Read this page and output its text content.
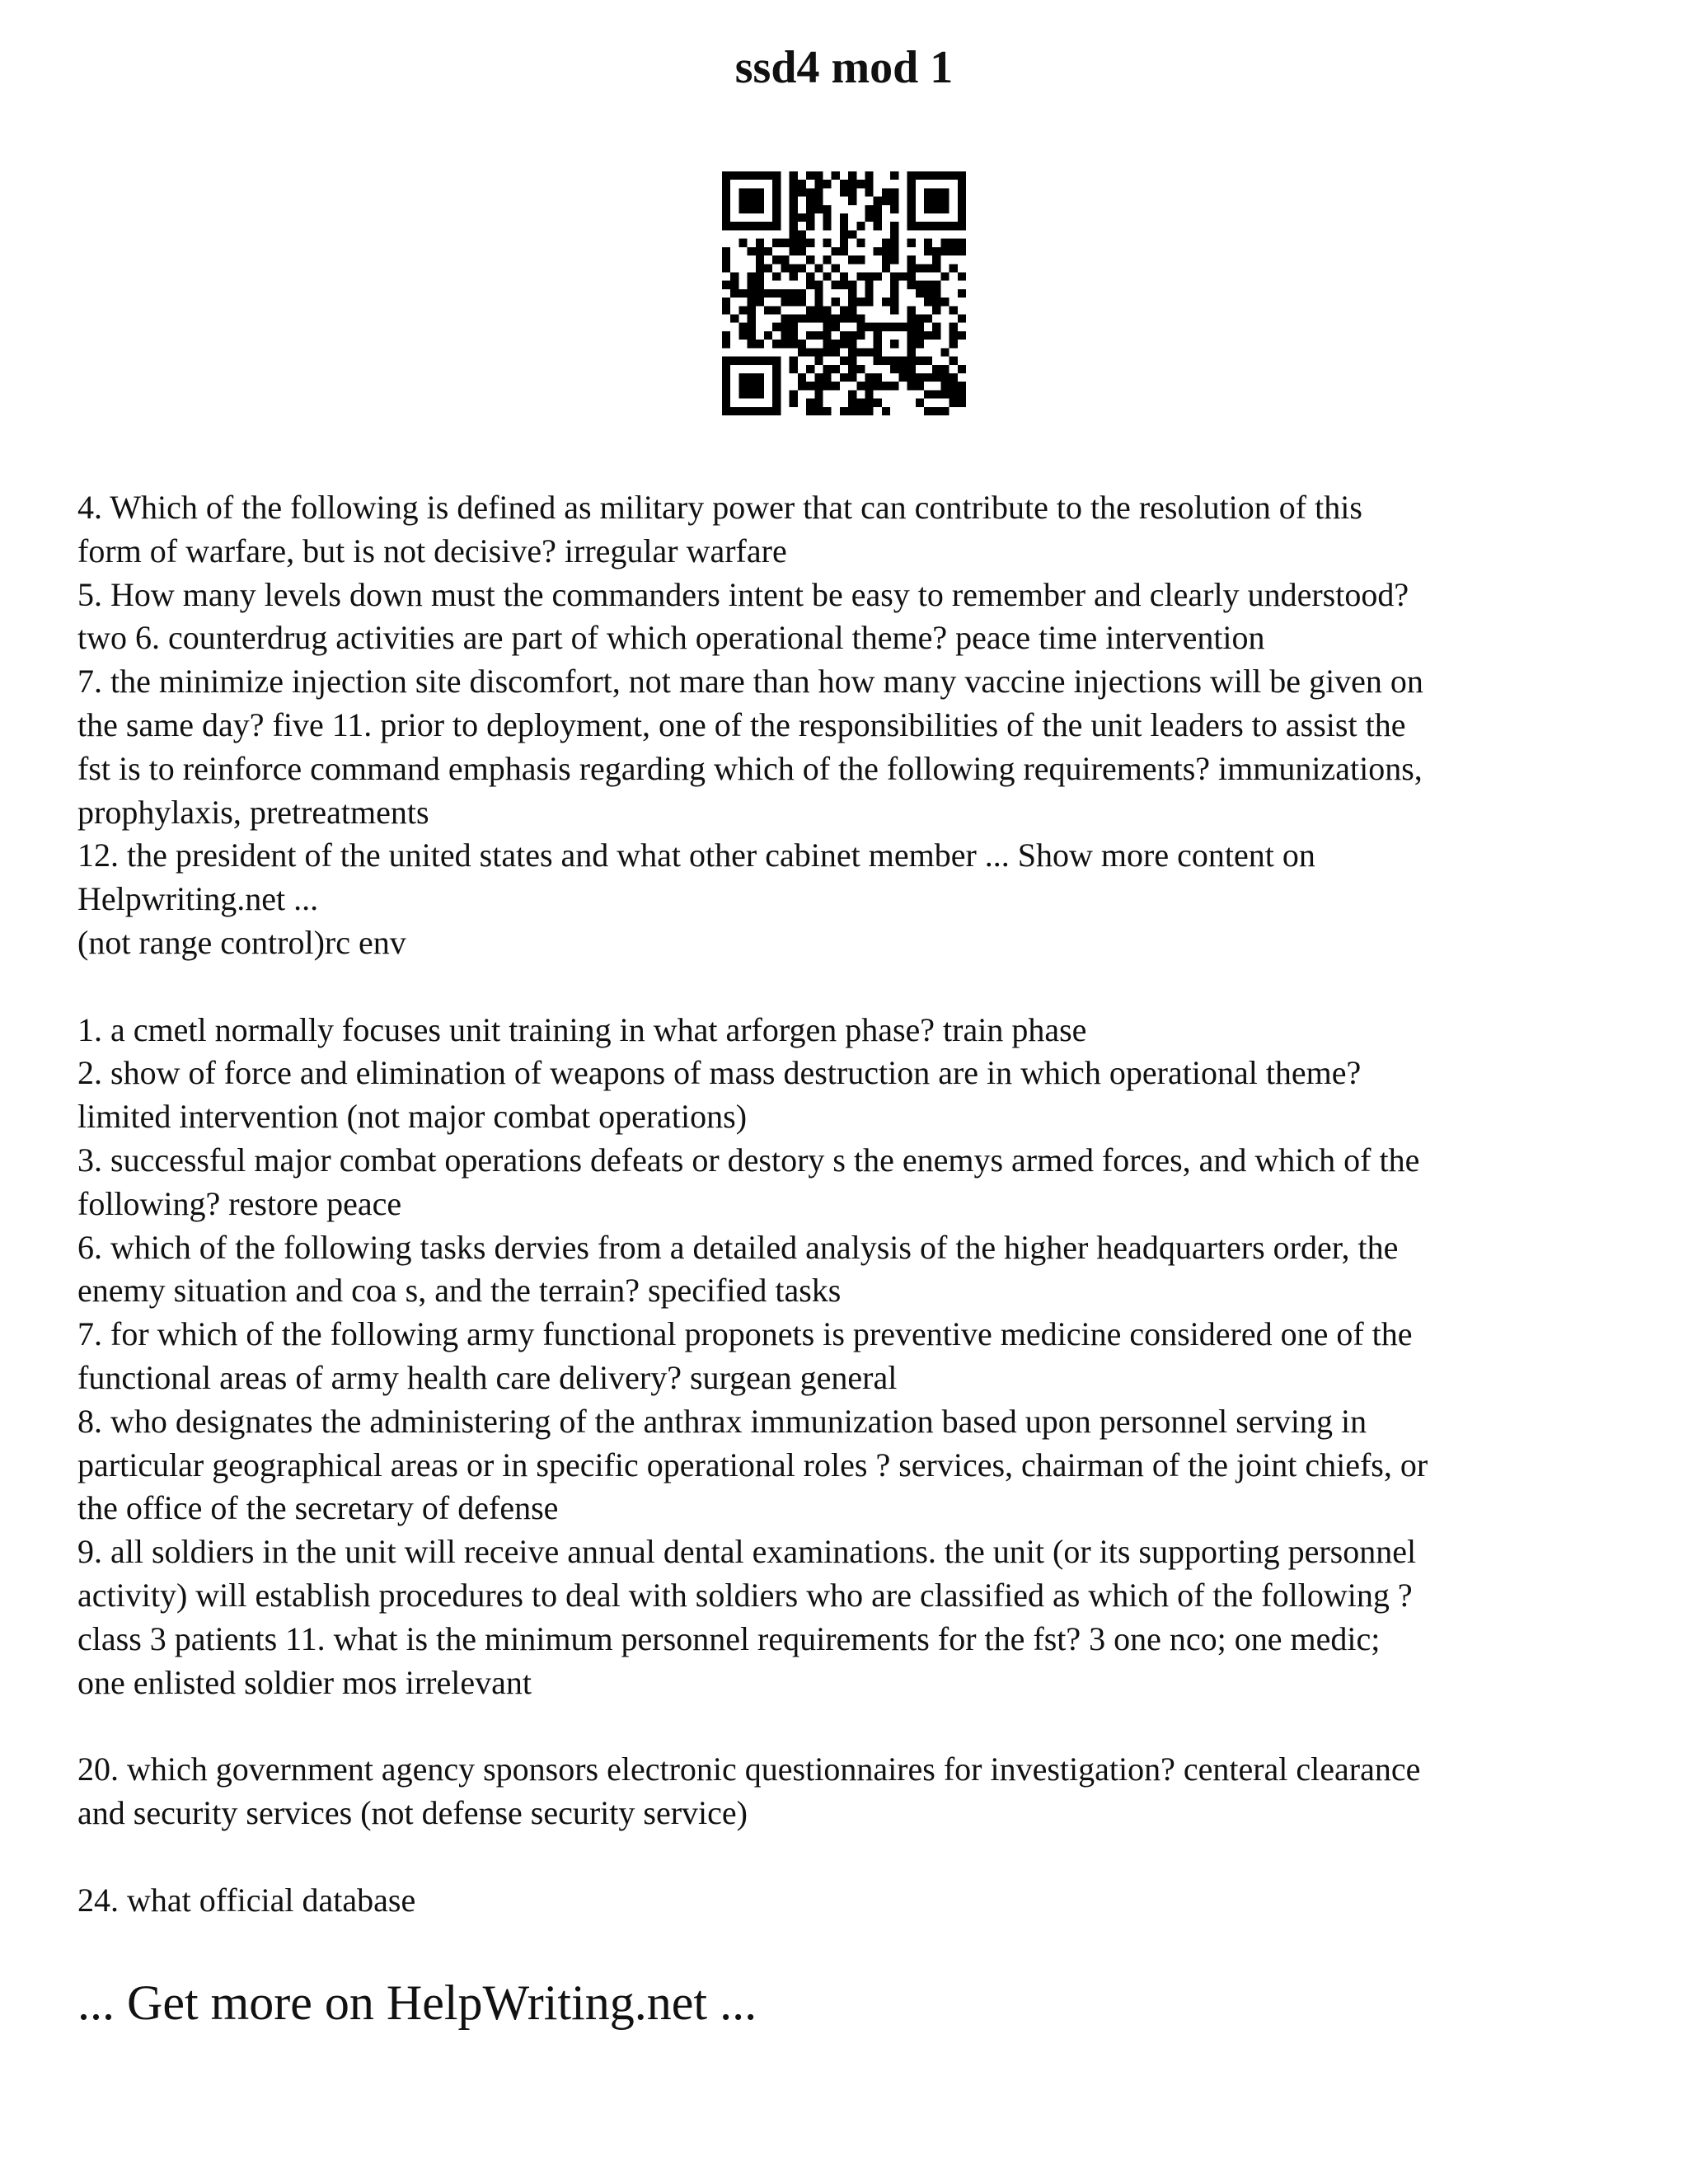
ssd4 mod 1
4. Which of the following is defined as military power that can contribute to the resolution of this
form of warfare, but is not decisive? irregular warfare
5. How many levels down must the commanders intent be easy to remember and clearly understood?
two 6. counterdrug activities are part of which operational theme? peace time intervention
7. the minimize injection site discomfort, not mare than how many vaccine injections will be given on
the same day? five 11. prior to deployment, one of the responsibilities of the unit leaders to assist the
fst is to reinforce command emphasis regarding which of the following requirements? immunizations,
prophylaxis, pretreatments
12. the president of the united states and what other cabinet member ... Show more content on
Helpwriting.net ...
(not range control)rc env
1. a cmetl normally focuses unit training in what arforgen phase? train phase
2. show of force and elimination of weapons of mass destruction are in which operational theme?
limited intervention (not major combat operations)
3. successful major combat operations defeats or destory s the enemys armed forces, and which of the
following? restore peace
6. which of the following tasks dervies from a detailed analysis of the higher headquarters order, the
enemy situation and coa s, and the terrain? specified tasks
7. for which of the following army functional proponets is preventive medicine considered one of the
functional areas of army health care delivery? surgean general
8. who designates the administering of the anthrax immunization based upon personnel serving in
particular geographical areas or in specific operational roles ? services, chairman of the joint chiefs, or
the office of the secretary of defense
9. all soldiers in the unit will receive annual dental examinations. the unit (or its supporting personnel
activity) will establish procedures to deal with soldiers who are classified as which of the following ?
class 3 patients 11. what is the minimum personnel requirements for the fst? 3 one nco; one medic;
one enlisted soldier mos irrelevant
20. which government agency sponsors electronic questionnaires for investigation? centeral clearance
and security services (not defense security service)
24. what official database
... Get more on HelpWriting.net ...
